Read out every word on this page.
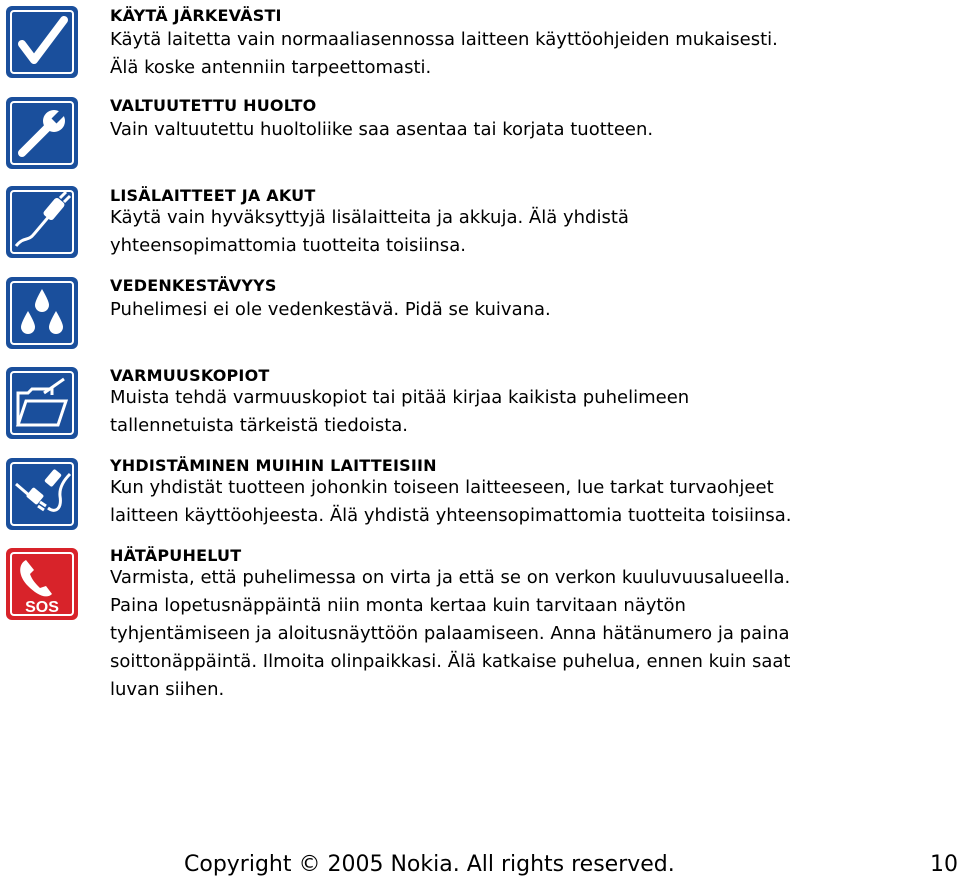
KÄYTÄ JÄRKEVÄSTI
Käytä laitetta vain normaaliasennossa laitteen käyttöohjeiden mukaisesti. Älä koske antenniin tarpeettomasti.
VALTUUTETTU HUOLTO
Vain valtuutettu huoltoliike saa asentaa tai korjata tuotteen.
LISÄLAITTEET JA AKUT
Käytä vain hyväksyttyjä lisälaitteita ja akkuja. Älä yhdistä yhteensopimattomia tuotteita toisiinsa.
VEDENKESTÄVYYS
Puhelimesi ei ole vedenkestävä. Pidä se kuivana.
VARMUUSKOPIOT
Muista tehdä varmuuskopiot tai pitää kirjaa kaikista puhelimeen tallennetuista tärkeistä tiedoista.
YHDISTÄMINEN MUIHIN LAITTEISIIN
Kun yhdistät tuotteen johonkin toiseen laitteeseen, lue tarkat turvaohjeet laitteen käyttöohjeesta. Älä yhdistä yhteensopimattomia tuotteita toisiinsa.
SOS
HÄTÄPUHELUT
Varmista, että puhelimessa on virta ja että se on verkon kuuluvuusalueella. Paina lopetusnäppäintä niin monta kertaa kuin tarvitaan näytön tyhjentämiseen ja aloitusnäyttöön palaamiseen. Anna hätänumero ja paina soittonäppäintä. Ilmoita olinpaikkasi. Älä katkaise puhelua, ennen kuin saat luvan siihen.
Copyright © 2005 Nokia. All rights reserved.	10
